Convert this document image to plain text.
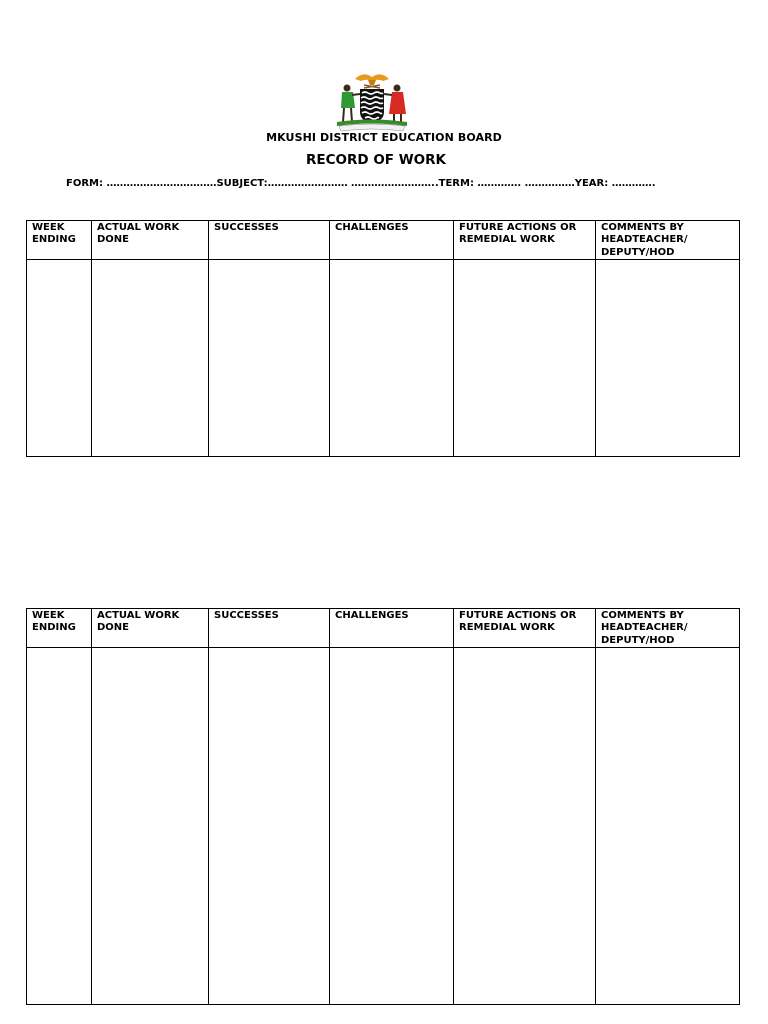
MKUSHI DISTRICT EDUCATION BOARD
RECORD OF WORK
FORM: ……………………………SUBJECT:…………………… ……………………..TERM: …………. ……………YEAR: ………….
WEEK ENDING	ACTUAL WORK DONE	SUCCESSES	CHALLENGES	FUTURE ACTIONS OR REMEDIAL WORK	COMMENTS BY HEADTEACHER/ DEPUTY/HOD

WEEK ENDING	ACTUAL WORK DONE	SUCCESSES	CHALLENGES	FUTURE ACTIONS OR REMEDIAL WORK	COMMENTS BY HEADTEACHER/ DEPUTY/HOD
